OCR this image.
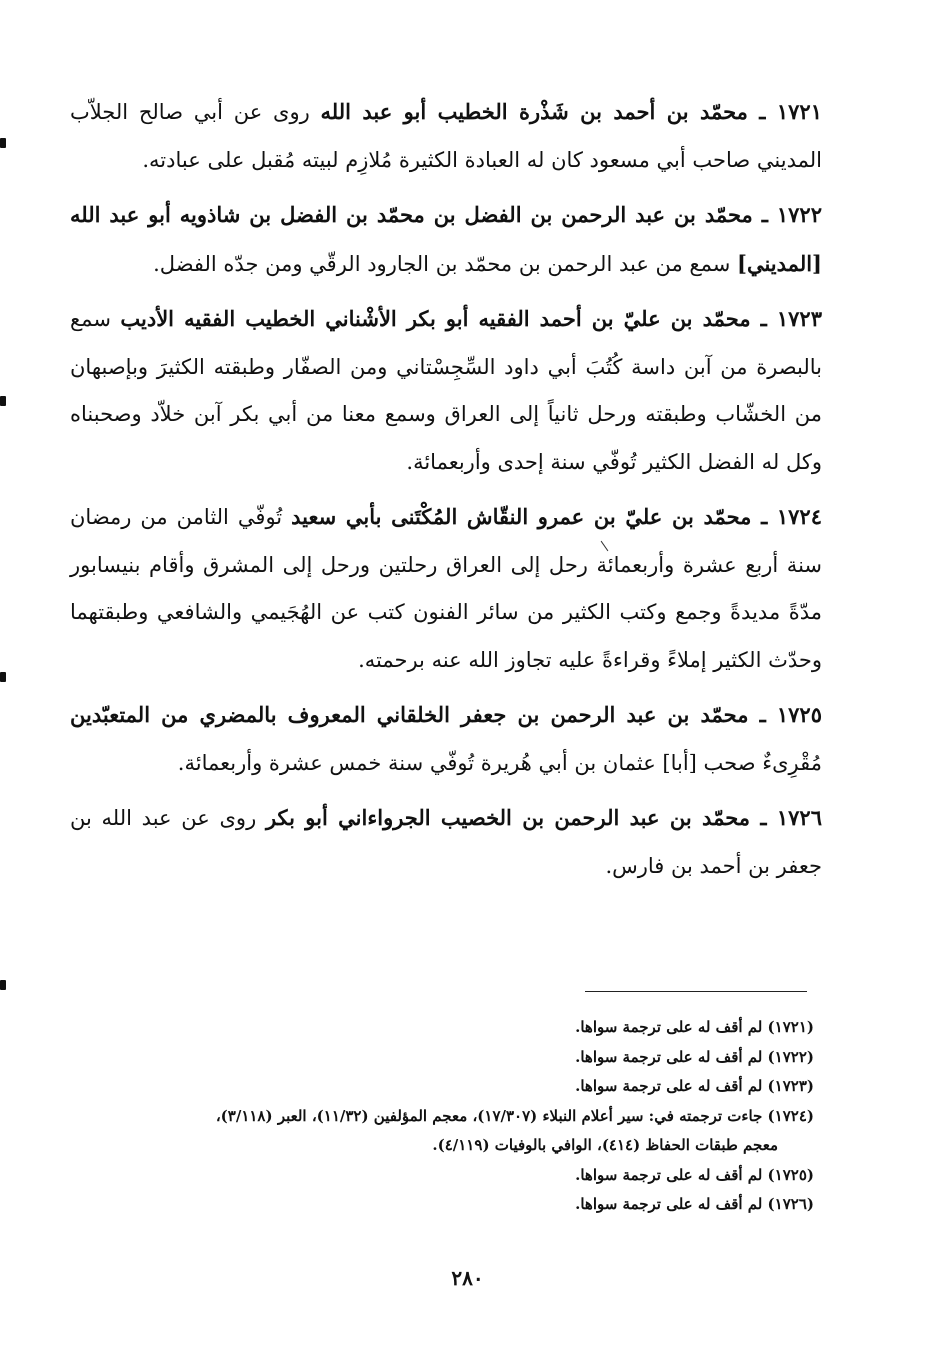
١٧٢١ ـ محمّد بن أحمد بن شَذْرة الخطيب أبو عبد الله روى عن أبي صالح الجلاّب المديني صاحب أبي مسعود كان له العبادة الكثيرة مُلازِم لبيته مُقبل على عبادته.

١٧٢٢ ـ محمّد بن عبد الرحمن بن الفضل بن محمّد بن الفضل بن شاذويه أبو عبد الله [المديني] سمع من عبد الرحمن بن محمّد بن الجارود الرقّي ومن جدّه الفضل.

١٧٢٣ ـ محمّد بن عليّ بن أحمد الفقيه أبو بكر الأشْناني الخطيب الفقيه الأديب سمع بالبصرة من آبن داسة كُتُبَ أبي داود السِّجِسْتاني ومن الصفّار وطبقته الكثيرَ وبإصبهان من الخشّاب وطبقته ورحل ثانياً إلى العراق وسمع معنا من أبي بكر آبن خلاّد وصحبناه وكل له الفضل الكثير تُوفّي سنة إحدى وأربعمائة.

١٧٢٤ ـ محمّد بن عليّ بن عمرو النقّاش المُكْتَنى بأبي سعيد تُوفّي الثامن من رمضان سنة أربع عشرة وأربعمائة رحل إلى العراق رحلتين ورحل إلى المشرق وأقام بنيسابور مدّةً مديدةً وجمع وكتب الكثير من سائر الفنون كتب عن الهُجَيمي والشافعي وطبقتهما وحدّث الكثير إملاءً وقراءةً عليه تجاوز الله عنه برحمته.

١٧٢٥ ـ محمّد بن عبد الرحمن بن جعفر الخلقاني المعروف بالمضري من المتعبّدين مُقْرِىءٌ صحب [أبا] عثمان بن أبي هُريرة تُوفّي سنة خمس عشرة وأربعمائة.

١٧٢٦ ـ محمّد بن عبد الرحمن بن الخصيب الجرواءاني أبو بكر روى عن عبد الله بن جعفر بن أحمد بن فارس.

(١٧٢١) لم أقف له على ترجمة سواها.

(١٧٢٢) لم أقف له على ترجمة سواها.

(١٧٢٣) لم أقف له على ترجمة سواها.

(١٧٢٤) جاءت ترجمته في: سير أعلام النبلاء (١٧/٣٠٧)، معجم المؤلفين (١١/٣٢)، العبر (٣/١١٨)،
معجم طبقات الحفاظ (٤١٤)، الوافي بالوفيات (٤/١١٩).

(١٧٢٥) لم أقف له على ترجمة سواها.

(١٧٢٦) لم أقف له على ترجمة سواها.

٢٨٠
